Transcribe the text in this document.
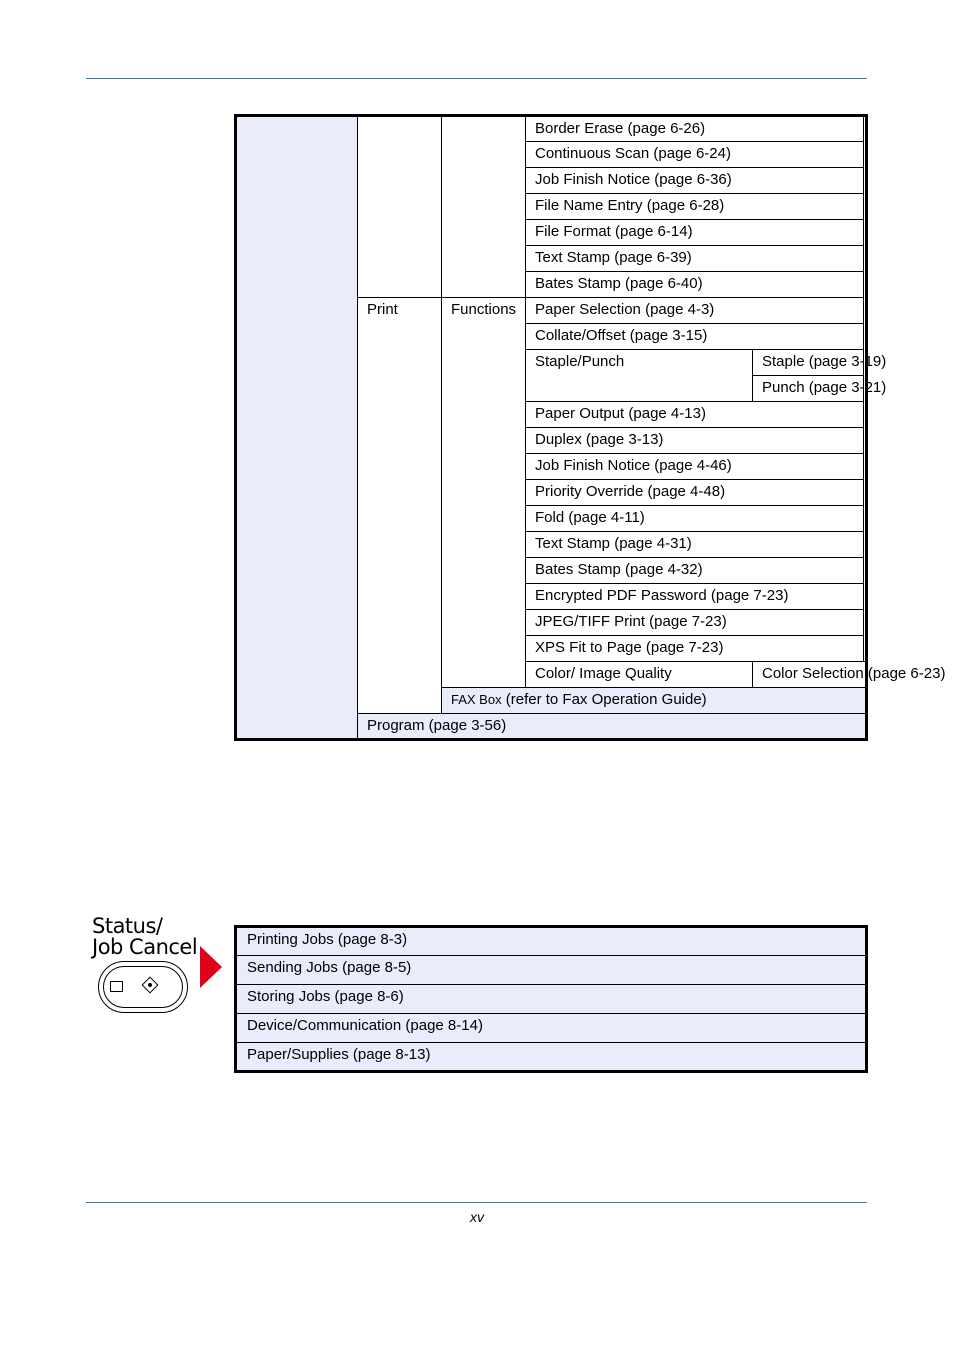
			Border Erase (page 6-26)	
			Continuous Scan (page 6-24)	
			Job Finish Notice (page 6-36)	
			File Name Entry (page 6-28)	
			File Format (page 6-14)	
			Text Stamp (page 6-39)	
			Bates Stamp (page 6-40)	
	Print	Functions	Paper Selection (page 4-3)	
			Collate/Offset (page 3-15)	
			Staple/Punch	Staple (page 3-19)
				Punch (page 3-21)
			Paper Output (page 4-13)	
			Duplex (page 3-13)	
			Job Finish Notice (page 4-46)	
			Priority Override (page 4-48)	
			Fold (page 4-11)	
			Text Stamp (page 4-31)	
			Bates Stamp (page 4-32)	
			Encrypted PDF Password (page 7-23)	
			JPEG/TIFF Print (page 7-23)	
			XPS Fit to Page (page 7-23)	
			Color/ Image Quality	Color Selection (page 6-23)
		FAX Box (refer to Fax Operation Guide)		
	Program (page 3-56)			
Status/
Job Cancel	Printing Jobs (page 8-3)
Sending Jobs (page 8-5)
Storing Jobs (page 8-6)
Device/Communication (page 8-14)
Paper/Supplies (page 8-13)
xv
